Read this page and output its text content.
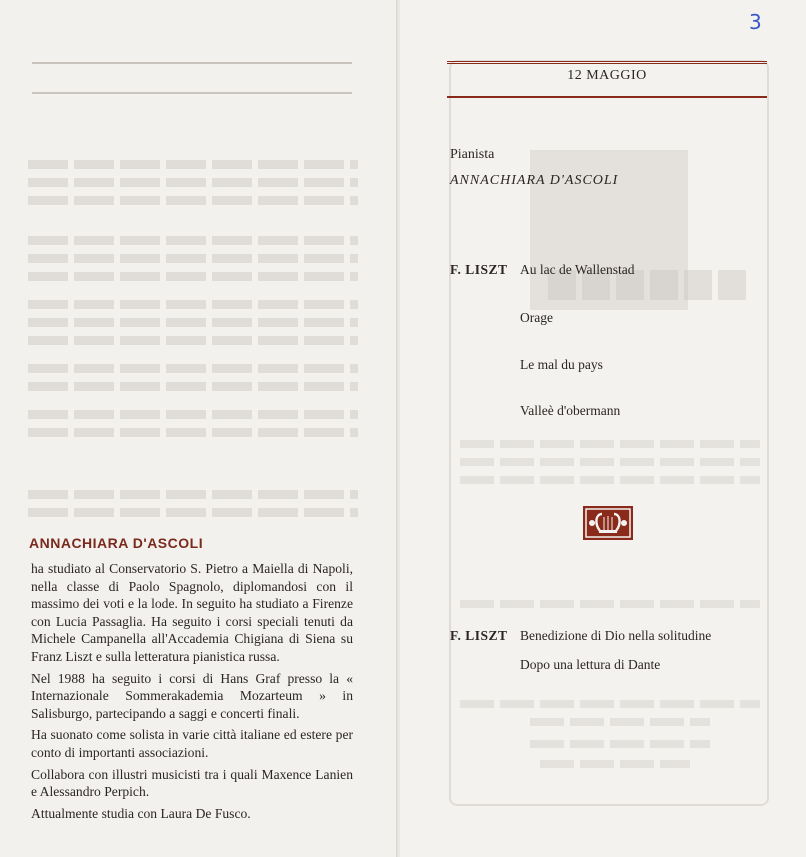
ANNACHIARA D'ASCOLI

ha studiato al Conservatorio S. Pietro a Maiella di Napoli, nella classe di Paolo Spagnolo, diplomandosi con il massimo dei voti e la lode. In seguito ha studiato a Firenze con Lucia Passaglia. Ha seguito i corsi speciali tenuti da Michele Campanella all'Accademia Chigiana di Siena su Franz Liszt e sulla letteratura pianistica russa.

Nel 1988 ha seguito i corsi di Hans Graf presso la « Internazionale Sommerakademia Mozarteum » in Salisburgo, partecipando a saggi e concerti finali.

Ha suonato come solista in varie città italiane ed estere per conto di importanti associazioni.

Collabora con illustri musicisti tra i quali Maxence Lanien e Alessandro Perpich.

Attualmente studia con Laura De Fusco.

3
12 MAGGIO
Pianista
ANNACHIARA D'ASCOLI
F. LISZT Au lac de Wallenstad
Orage
Le mal du pays
Valleè d'obermann
F. LISZT Benedizione di Dio nella solitudine
Dopo una lettura di Dante
